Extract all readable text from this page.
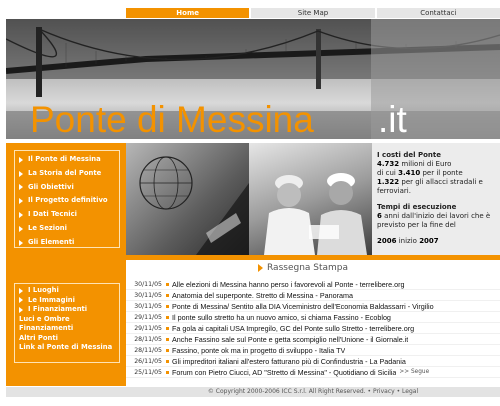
Home	Site Map	Contattaci
Ponte di Messina .it
Il Ponte di Messina
La Storia del Ponte
Gli Obiettivi
Il Progetto definitivo
I Dati Tecnici
Le Sezioni
Gli Elementi
I Luoghi
Le Immagini
I Finanziamenti
Luci e Ombre
Finanziamenti
Altri Ponti
Link al Ponte di Messina
I costi del Ponte
4.732 milioni di Euro
di cui 3.410 per il ponte
1.322 per gli allacci stradali e ferroviari.
Tempi di esecuzione
6 anni dall'inizio dei lavori che è previsto per la fine del
2006 inizio 2007
Rassegna Stampa
30/11/05	Alle elezioni di Messina hanno perso i favorevoli al Ponte - terrelibere.org
30/11/05	Anatomia del superponte. Stretto di Messina - Panorama
30/11/05	Ponte di Messina/ Sentito alla DIA Viceministro dell'Economia Baldassarri - Virgilio
29/11/05	Il ponte sullo stretto ha un nuovo amico, si chiama Fassino - Ecoblog
29/11/05	Fa gola ai capitali USA Impregilo, GC del Ponte sullo Stretto - terrelibere.org
28/11/05	Anche Fassino sale sul Ponte e getta scompiglio nell'Unione - il Giornale.it
28/11/05	Fassino, ponte ok ma in progetto di sviluppo - Italia TV
26/11/05	Gli impreditori italiani all'estero fatturano più di Confindustria - La Padania
25/11/05	Forum con Pietro Ciucci, AD "Stretto di Messina" - Quotidiano di Sicilia >> Segue
© Copyright 2000-2006 ICC S.r.l. All Right Reserved. • Privacy • Legal
